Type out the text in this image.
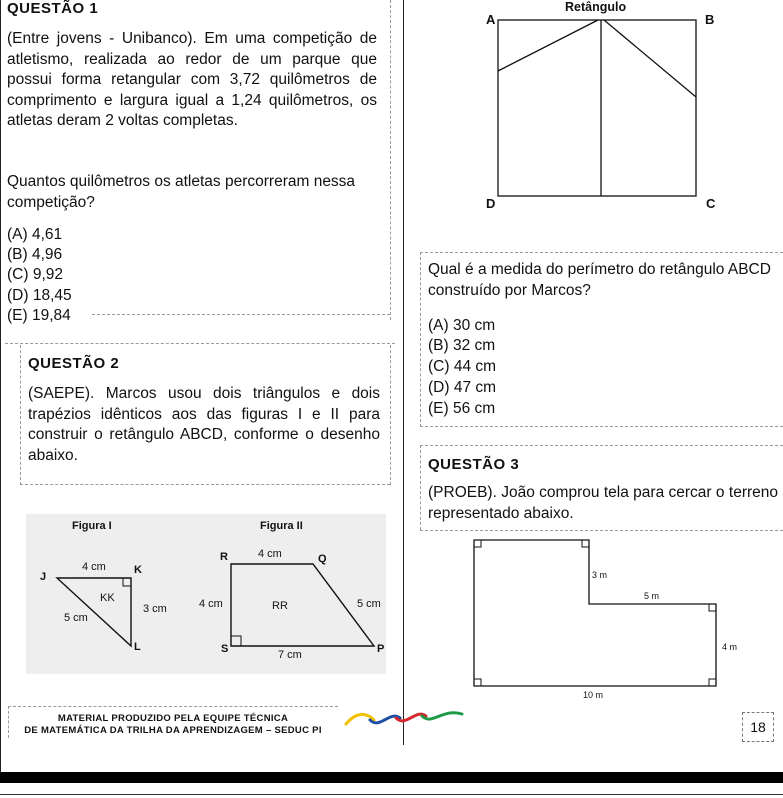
QUESTÃO 1
(Entre jovens - Unibanco). Em uma competição de atletismo, realizada ao redor de um parque que possui forma retangular com 3,72 quilômetros de comprimento e largura igual a 1,24 quilômetros, os atletas deram 2 voltas completas.
Quantos quilômetros os atletas percorreram nessa competição?
(A) 4,61
(B) 4,96
(C) 9,92
(D) 18,45
(E) 19,84
QUESTÃO 2
(SAEPE). Marcos usou dois triângulos e dois trapézios idênticos aos das figuras I e II para construir o retângulo ABCD, conforme o desenho abaixo.
Figura I
4 cm
J
K
KK
3 cm
5 cm
L
Figura II
R	4 cm	Q
4 cm	RR	5 cm
S	7 cm	P
Retângulo
A	B
D	C
Qual é a medida do perímetro do retângulo ABCD construído por Marcos?
(A) 30 cm
(B) 32 cm
(C) 44 cm
(D) 47 cm
(E) 56 cm
QUESTÃO 3
(PROEB). João comprou tela para cercar o terreno representado abaixo.
3 m
5 m
4 m
10 m
MATERIAL PRODUZIDO PELA EQUIPE TÉCNICA
DE MATEMÁTICA DA TRILHA DA APRENDIZAGEM – SEDUC PI	18
